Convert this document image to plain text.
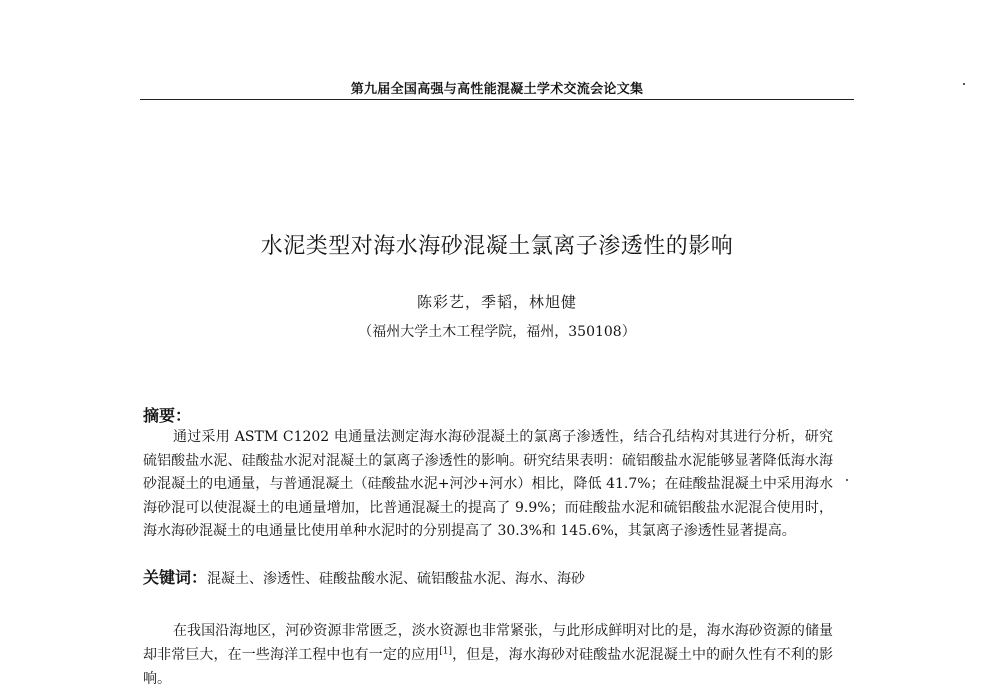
第九届全国高强与高性能混凝土学术交流会论文集
水泥类型对海水海砂混凝土氯离子渗透性的影响
陈彩艺，季韬，林旭健
（福州大学土木工程学院，福州，350108）
摘要：
通过采用 ASTM C1202 电通量法测定海水海砂混凝土的氯离子渗透性，结合孔结构对其进行分析，研究硫铝酸盐水泥、硅酸盐水泥对混凝土的氯离子渗透性的影响。研究结果表明：硫铝酸盐水泥能够显著降低海水海砂混凝土的电通量，与普通混凝土（硅酸盐水泥+河沙+河水）相比，降低 41.7%；在硅酸盐混凝土中采用海水海砂混可以使混凝土的电通量增加，比普通混凝土的提高了 9.9%；而硅酸盐水泥和硫铝酸盐水泥混合使用时，海水海砂混凝土的电通量比使用单种水泥时的分别提高了 30.3%和 145.6%，其氯离子渗透性显著提高。
关键词：混凝土、渗透性、硅酸盐酸水泥、硫铝酸盐水泥、海水、海砂
在我国沿海地区，河砂资源非常匮乏，淡水资源也非常紧张，与此形成鲜明对比的是，海水海砂资源的储量却非常巨大，在一些海洋工程中也有一定的应用[1]，但是，海水海砂对硅酸盐水泥混凝土中的耐久性有不利的影响。
